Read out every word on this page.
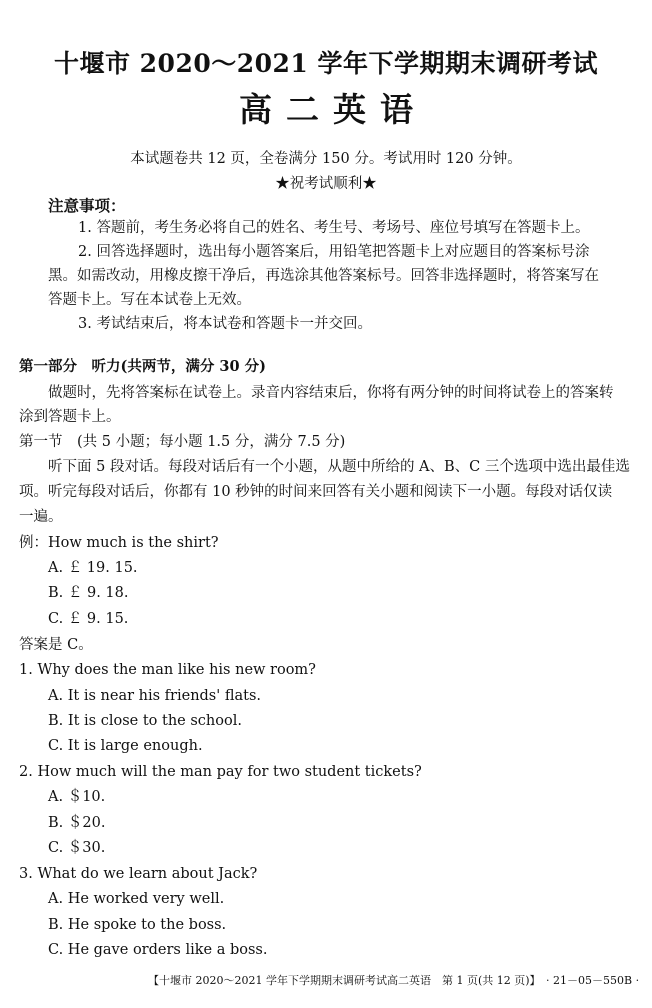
十堰市 2020～2021 学年下学期期末调研考试
高二英语
本试题卷共 12 页，全卷满分 150 分。考试用时 120 分钟。
★祝考试顺利★
注意事项：
1. 答题前，考生务必将自己的姓名、考生号、考场号、座位号填写在答题卡上。
2. 回答选择题时，选出每小题答案后，用铅笔把答题卡上对应题目的答案标号涂
黑。如需改动，用橡皮擦干净后，再选涂其他答案标号。回答非选择题时，将答案写在
答题卡上。写在本试卷上无效。
3. 考试结束后，将本试卷和答题卡一并交回。
第一部分　听力(共两节，满分 30 分)
做题时，先将答案标在试卷上。录音内容结束后，你将有两分钟的时间将试卷上的答案转
涂到答题卡上。
第一节　(共 5 小题；每小题 1.5 分，满分 7.5 分)
听下面 5 段对话。每段对话后有一个小题，从题中所给的 A、B、C 三个选项中选出最佳选
项。听完每段对话后，你都有 10 秒钟的时间来回答有关小题和阅读下一小题。每段对话仅读
一遍。
例：How much is the shirt?
A. ￡ 19. 15.
B. ￡ 9. 18.
C. ￡ 9. 15.
答案是 C。
1. Why does the man like his new room?
A. It is near his friends' flats.
B. It is close to the school.
C. It is large enough.
2. How much will the man pay for two student tickets?
A. ＄10.
B. ＄20.
C. ＄30.
3. What do we learn about Jack?
A. He worked very well.
B. He spoke to the boss.
C. He gave orders like a boss.
【十堰市 2020～2021 学年下学期期末调研考试高二英语　第 1 页(共 12 页)】 · 21－05－550B ·
